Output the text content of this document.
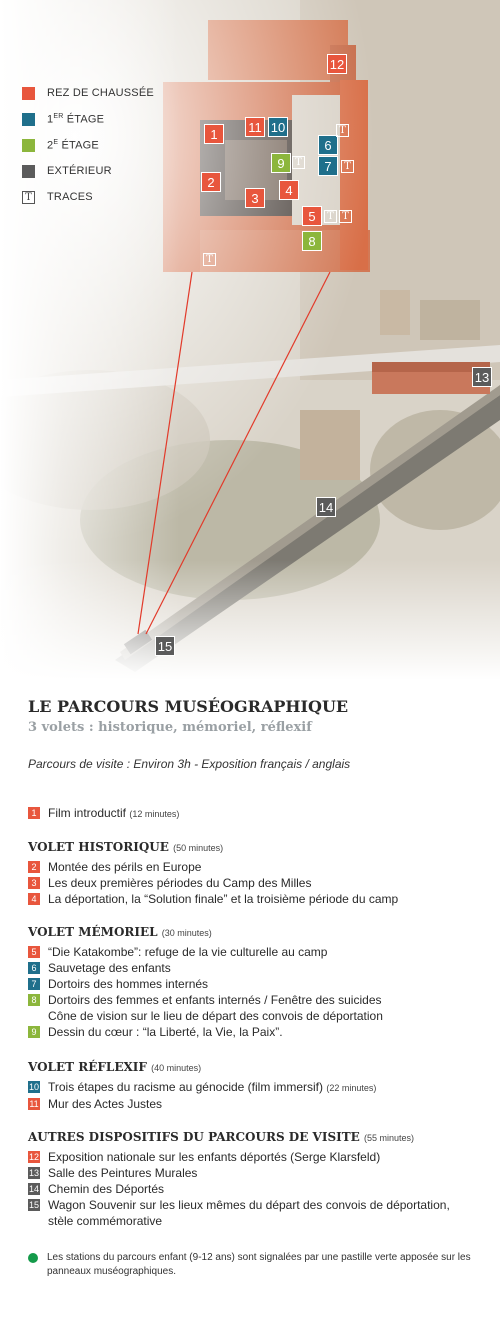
REZ DE CHAUSSÉE
1ER ÉTAGE
$2^E$ ÉTAGE
EXTÉRIEUR
T TRACES
12
1	11 10
6
9	7
2
3
4
5
8
13
14
15
T
T	T
T T
T
LE PARCOURS MUSÉOGRAPHIQUE
3 volets : historique, mémoriel, réflexif
Parcours de visite : Environ 3h - Exposition français / anglais
1 Film introductif (12 minutes)
VOLET HISTORIQUE (50 minutes)
2 Montée des périls en Europe
3 Les deux premières périodes du Camp des Milles
4 La déportation, la “Solution finale” et la troisième période du camp
VOLET MÉMORIEL (30 minutes)
5 “Die Katakombe”: refuge de la vie culturelle au camp
6 Sauvetage des enfants
7 Dortoirs des hommes internés
8 Dortoirs des femmes et enfants internés / Fenêtre des suicides
Cône de vision sur le lieu de départ des convois de déportation
9 Dessin du cœur : “la Liberté, la Vie, la Paix”.
VOLET RÉFLEXIF (40 minutes)
10 Trois étapes du racisme au génocide (film immersif) (22 minutes)
11 Mur des Actes Justes
AUTRES DISPOSITIFS DU PARCOURS DE VISITE (55 minutes)
12 Exposition nationale sur les enfants déportés (Serge Klarsfeld)
13 Salle des Peintures Murales
14 Chemin des Déportés
15 Wagon Souvenir sur les lieux mêmes du départ des convois de déportation,
stèle commémorative
Les stations du parcours enfant (9-12 ans) sont signalées par une pastille verte apposée sur les panneaux muséographiques.
